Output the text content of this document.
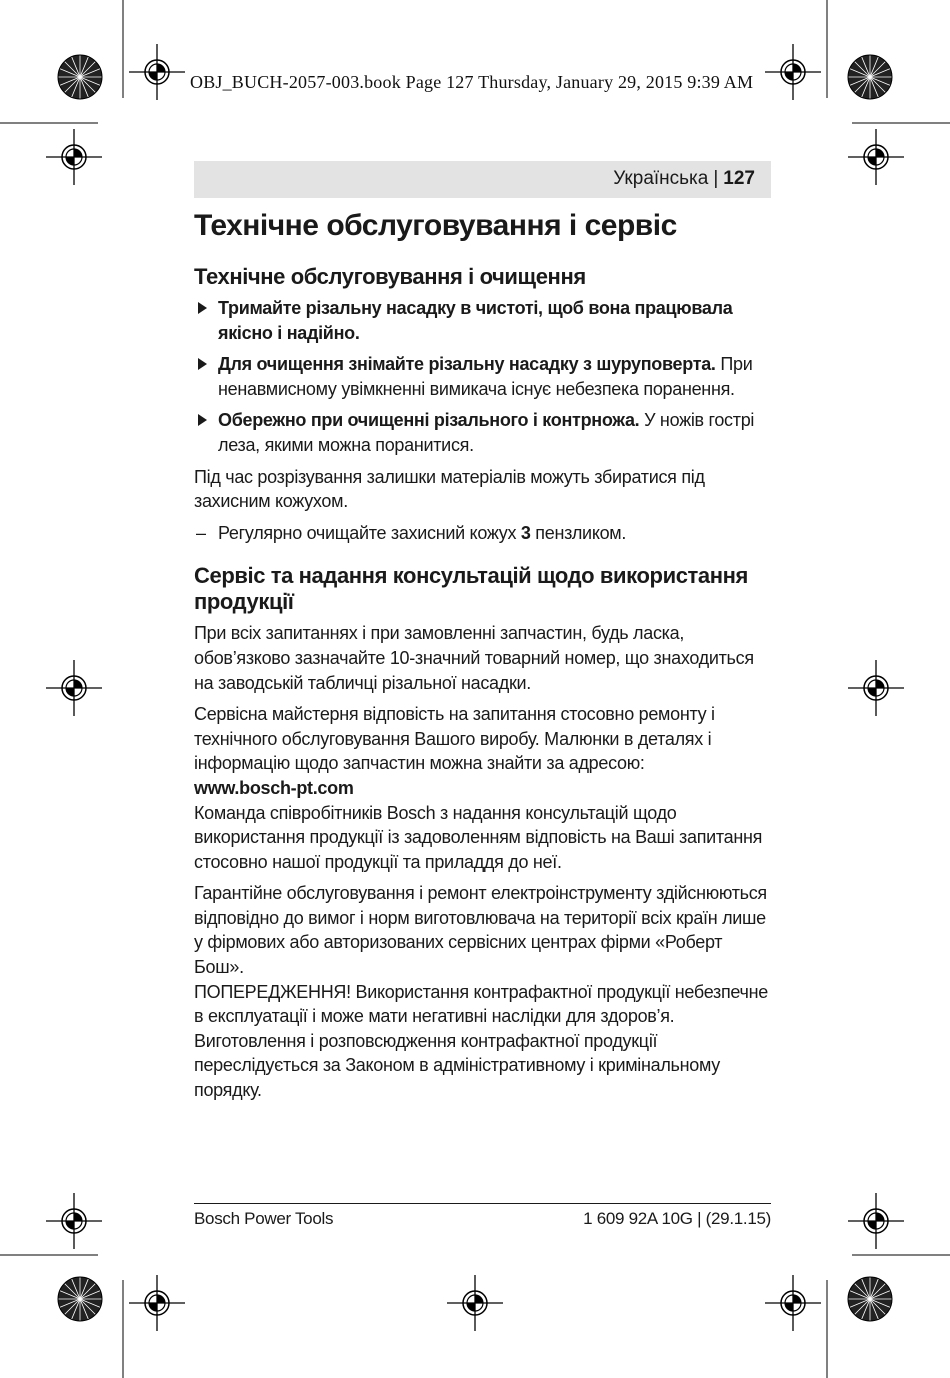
OBJ_BUCH-2057-003.book Page 127 Thursday, January 29, 2015 9:39 AM
Українська | 127
Технічне обслуговування і сервіс
Технічне обслуговування і очищення

Тримайте різальну насадку в чистоті, щоб вона працювала якісно і надійно.

Для очищення знімайте різальну насадку з шуруповерта. При ненавмисному увімкненні вимикача існує небезпека поранення.

Обережно при очищенні різального і контрножа. У ножів гострі леза, якими можна поранитися.

Під час розрізування залишки матеріалів можуть збиратися під захисним кожухом.

– Регулярно очищайте захисний кожух 3 пензликом.

Сервіс та надання консультацій щодо використання продукції

При всіх запитаннях і при замовленні запчастин, будь ласка, обов’язково зазначайте 10-значний товарний номер, що знаходиться на заводській табличці різальної насадки.

Сервісна майстерня відповість на запитання стосовно ремонту і технічного обслуговування Вашого виробу. Малюнки в деталях і інформацію щодо запчастин можна знайти за адресою:

www.bosch-pt.com

Команда співробітників Bosch з надання консультацій щодо використання продукції із задоволенням відповість на Ваші запитання стосовно нашої продукції та приладдя до неї.

Гарантійне обслуговування і ремонт електроінструменту здійснюються відповідно до вимог і норм виготовлювача на території всіх країн лише у фірмових або авторизованих сервісних центрах фірми «Роберт Бош».

ПОПЕРЕДЖЕННЯ! Використання контрафактної продукції небезпечне в експлуатації і може мати негативні наслідки для здоров’я. Виготовлення і розповсюдження контрафактної продукції переслідується за Законом в адміністративному і кримінальному порядку.

Bosch Power Tools	1 609 92A 10G | (29.1.15)
